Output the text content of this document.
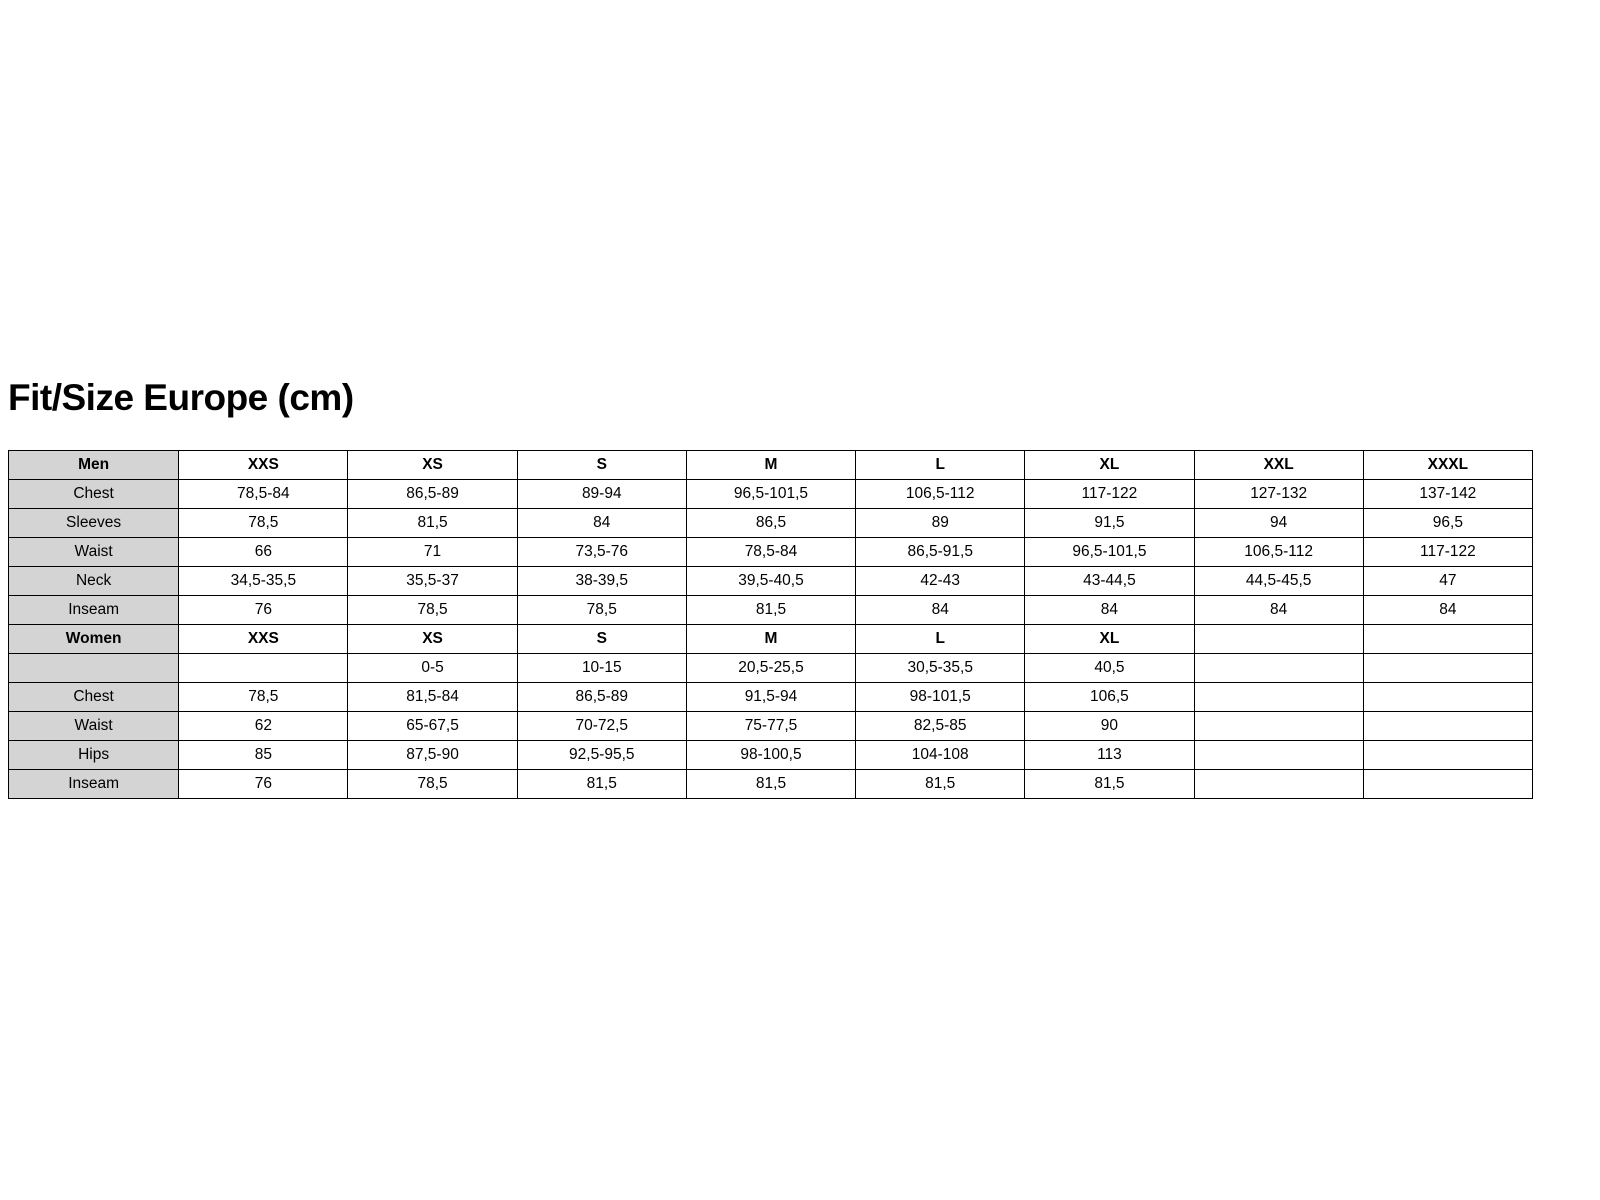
Fit/Size Europe (cm)
Men	XXS	XS	S	M	L	XL	XXL	XXXL
Chest	78,5-84	86,5-89	89-94	96,5-101,5	106,5-112	117-122	127-132	137-142
Sleeves	78,5	81,5	84	86,5	89	91,5	94	96,5
Waist	66	71	73,5-76	78,5-84	86,5-91,5	96,5-101,5	106,5-112	117-122
Neck	34,5-35,5	35,5-37	38-39,5	39,5-40,5	42-43	43-44,5	44,5-45,5	47
Inseam	76	78,5	78,5	81,5	84	84	84	84
Women	XXS	XS	S	M	L	XL		
		0-5	10-15	20,5-25,5	30,5-35,5	40,5		
Chest	78,5	81,5-84	86,5-89	91,5-94	98-101,5	106,5		
Waist	62	65-67,5	70-72,5	75-77,5	82,5-85	90		
Hips	85	87,5-90	92,5-95,5	98-100,5	104-108	113		
Inseam	76	78,5	81,5	81,5	81,5	81,5		
